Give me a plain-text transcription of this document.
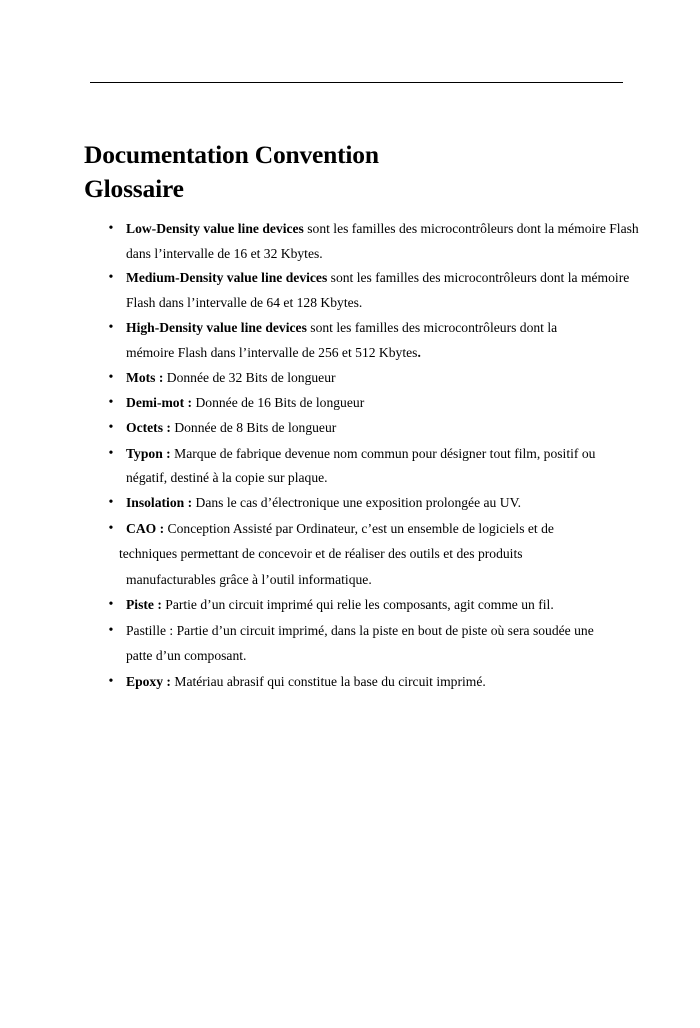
Documentation Convention
Glossaire
• Low-Density value line devices sont les familles des microcontrôleurs dont la mémoire Flash
dans l’intervalle de 16 et 32 Kbytes.
• Medium-Density value line devices sont les familles des microcontrôleurs dont la mémoire
Flash dans l’intervalle de 64 et 128 Kbytes.
• High-Density value line devices sont les familles des microcontrôleurs dont la
mémoire Flash dans l’intervalle de 256 et 512 Kbytes.
• Mots : Donnée de 32 Bits de longueur
• Demi-mot : Donnée de 16 Bits de longueur
• Octets : Donnée de 8 Bits de longueur
• Typon : Marque de fabrique devenue nom commun pour désigner tout film, positif ou
négatif, destiné à la copie sur plaque.
• Insolation : Dans le cas d’électronique une exposition prolongée au UV.
• CAO : Conception Assisté par Ordinateur, c’est un ensemble de logiciels et de
techniques permettant de concevoir et de réaliser des outils et des produits
manufacturables grâce à l’outil informatique.
• Piste : Partie d’un circuit imprimé qui relie les composants, agit comme un fil.
• Pastille : Partie d’un circuit imprimé, dans la piste en bout de piste où sera soudée une
patte d’un composant.
• Epoxy : Matériau abrasif qui constitue la base du circuit imprimé.
